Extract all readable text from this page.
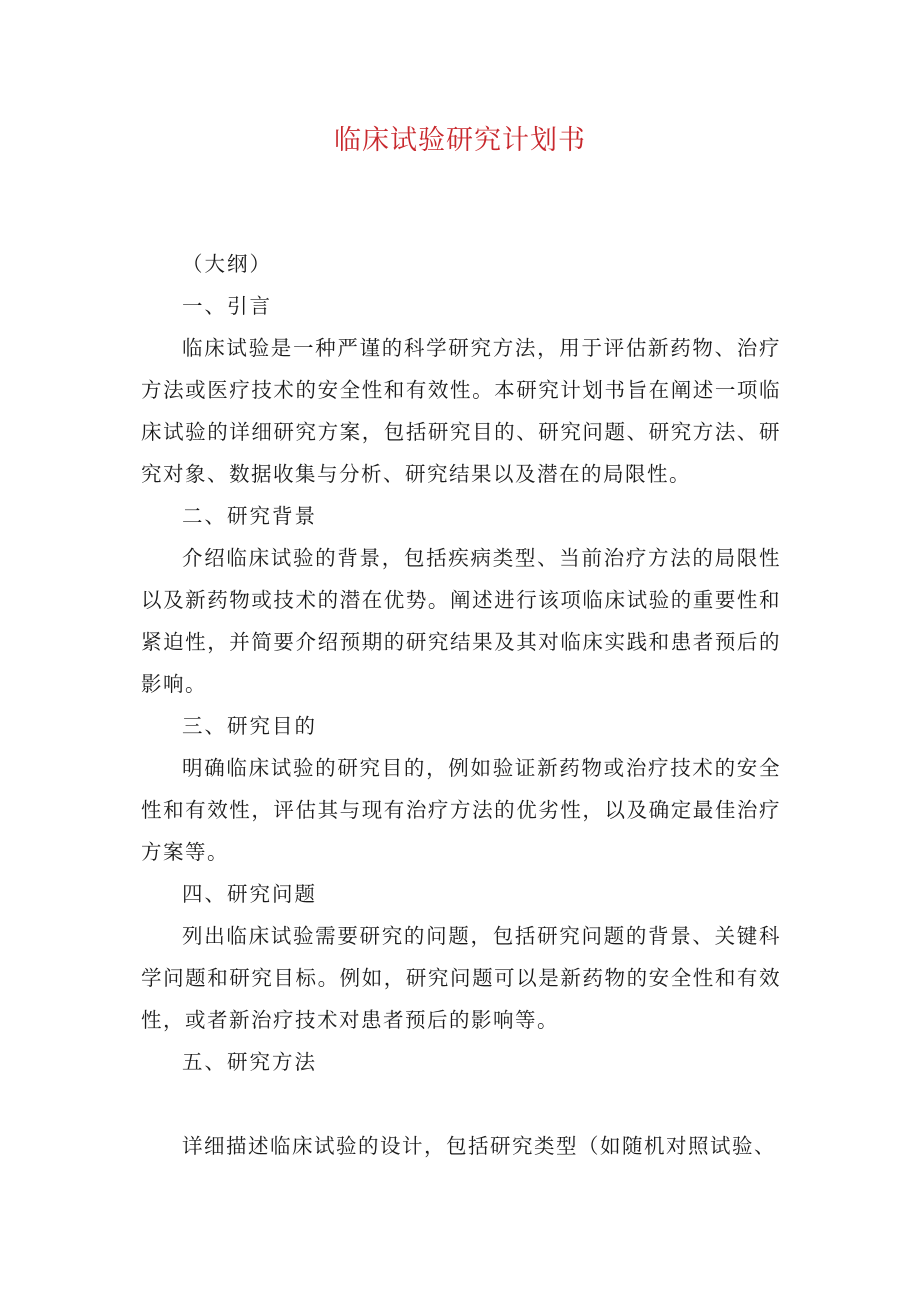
临床试验研究计划书

（大纲）

一、引言

临床试验是一种严谨的科学研究方法，用于评估新药物、治疗方法或医疗技术的安全性和有效性。本研究计划书旨在阐述一项临床试验的详细研究方案，包括研究目的、研究问题、研究方法、研究对象、数据收集与分析、研究结果以及潜在的局限性。

二、研究背景

介绍临床试验的背景，包括疾病类型、当前治疗方法的局限性以及新药物或技术的潜在优势。阐述进行该项临床试验的重要性和紧迫性，并简要介绍预期的研究结果及其对临床实践和患者预后的影响。

三、研究目的

明确临床试验的研究目的，例如验证新药物或治疗技术的安全性和有效性，评估其与现有治疗方法的优劣性，以及确定最佳治疗方案等。

四、研究问题

列出临床试验需要研究的问题，包括研究问题的背景、关键科学问题和研究目标。例如，研究问题可以是新药物的安全性和有效性，或者新治疗技术对患者预后的影响等。

五、研究方法

详细描述临床试验的设计，包括研究类型（如随机对照试验、
